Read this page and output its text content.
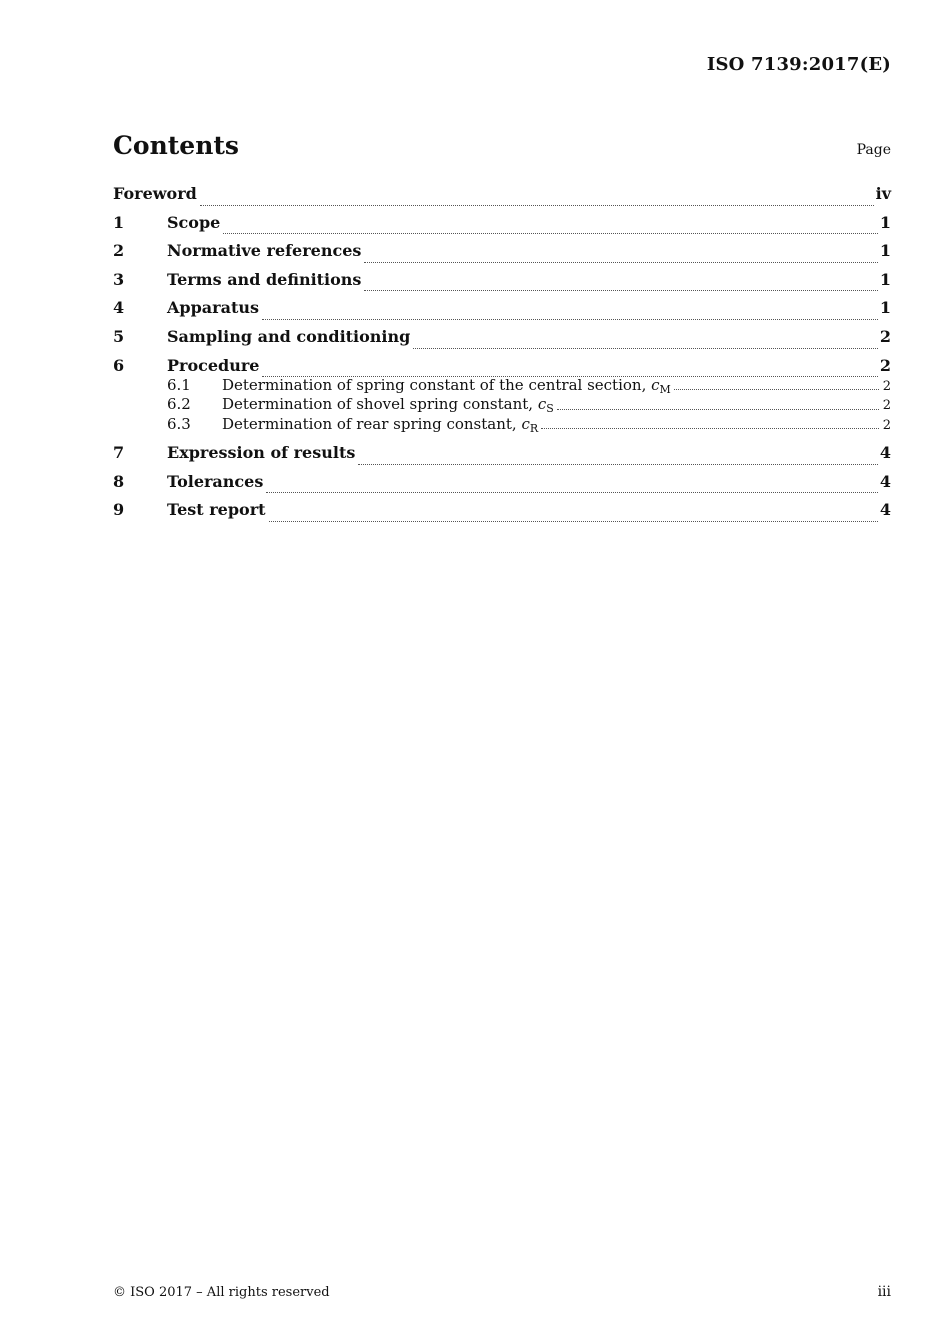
ISO 7139:2017(E)
Contents	Page
Foreword	iv
1	Scope	1
2	Normative references	1
3	Terms and definitions	1
4	Apparatus	1
5	Sampling and conditioning	2
6	Procedure	2
6.1	Determination of spring constant of the central section, $c_M$	2
6.2	Determination of shovel spring constant, $c_S$	2
6.3	Determination of rear spring constant, $c_R$	2
7	Expression of results	4
8	Tolerances	4
9	Test report	4
© ISO 2017 – All rights reserved	iii
